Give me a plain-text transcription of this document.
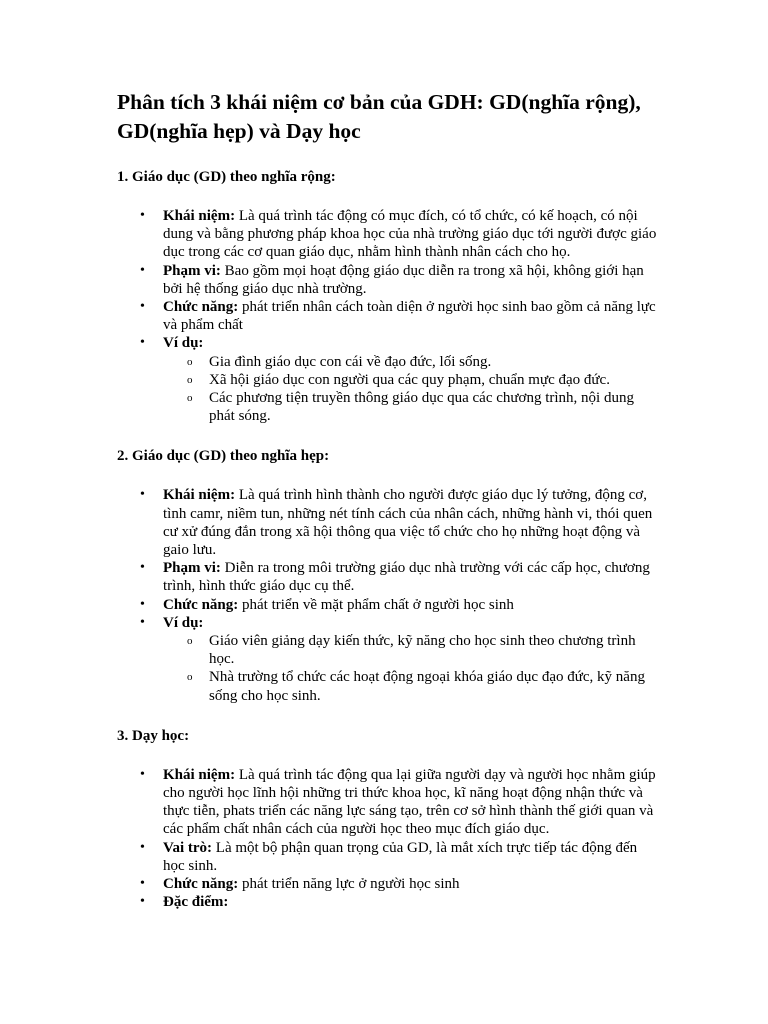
Phân tích 3 khái niệm cơ bản của GDH: GD(nghĩa rộng), GD(nghĩa hẹp) và Dạy học
1. Giáo dục (GD) theo nghĩa rộng:
• Khái niệm: Là quá trình tác động có mục đích, có tổ chức, có kế hoạch, có nội dung và bằng phương pháp khoa học của nhà trường giáo dục tới người được giáo dục trong các cơ quan giáo dục, nhằm hình thành nhân cách cho họ.
• Phạm vi: Bao gồm mọi hoạt động giáo dục diễn ra trong xã hội, không giới hạn bởi hệ thống giáo dục nhà trường.
• Chức năng: phát triển nhân cách toàn diện ở người học sinh bao gồm cả năng lực và phẩm chất
• Ví dụ:
o Gia đình giáo dục con cái về đạo đức, lối sống.
o Xã hội giáo dục con người qua các quy phạm, chuẩn mực đạo đức.
o Các phương tiện truyền thông giáo dục qua các chương trình, nội dung phát sóng.
2. Giáo dục (GD) theo nghĩa hẹp:
• Khái niệm: Là quá trình hình thành cho người được giáo dục lý tưởng, động cơ, tình camr, niềm tun, những nét tính cách của nhân cách, những hành vi, thói quen cư xử đúng đắn trong xã hội thông qua việc tổ chức cho họ những hoạt động và gaio lưu.
• Phạm vi: Diễn ra trong môi trường giáo dục nhà trường với các cấp học, chương trình, hình thức giáo dục cụ thể.
• Chức năng: phát triển về mặt phẩm chất ở người học sinh
• Ví dụ:
o Giáo viên giảng dạy kiến thức, kỹ năng cho học sinh theo chương trình học.
o Nhà trường tổ chức các hoạt động ngoại khóa giáo dục đạo đức, kỹ năng sống cho học sinh.
3. Dạy học:
• Khái niệm: Là quá trình tác động qua lại giữa người dạy và người học nhằm giúp cho người học lĩnh hội những tri thức khoa học, kĩ năng hoạt động nhận thức và thực tiễn, phats triển các năng lực sáng tạo, trên cơ sở hình thành thế giới quan và các phẩm chất nhân cách của người học theo mục đích giáo dục.
• Vai trò: Là một bộ phận quan trọng của GD, là mắt xích trực tiếp tác động đến học sinh.
• Chức năng: phát triển năng lực ở người học sinh
• Đặc điểm:
